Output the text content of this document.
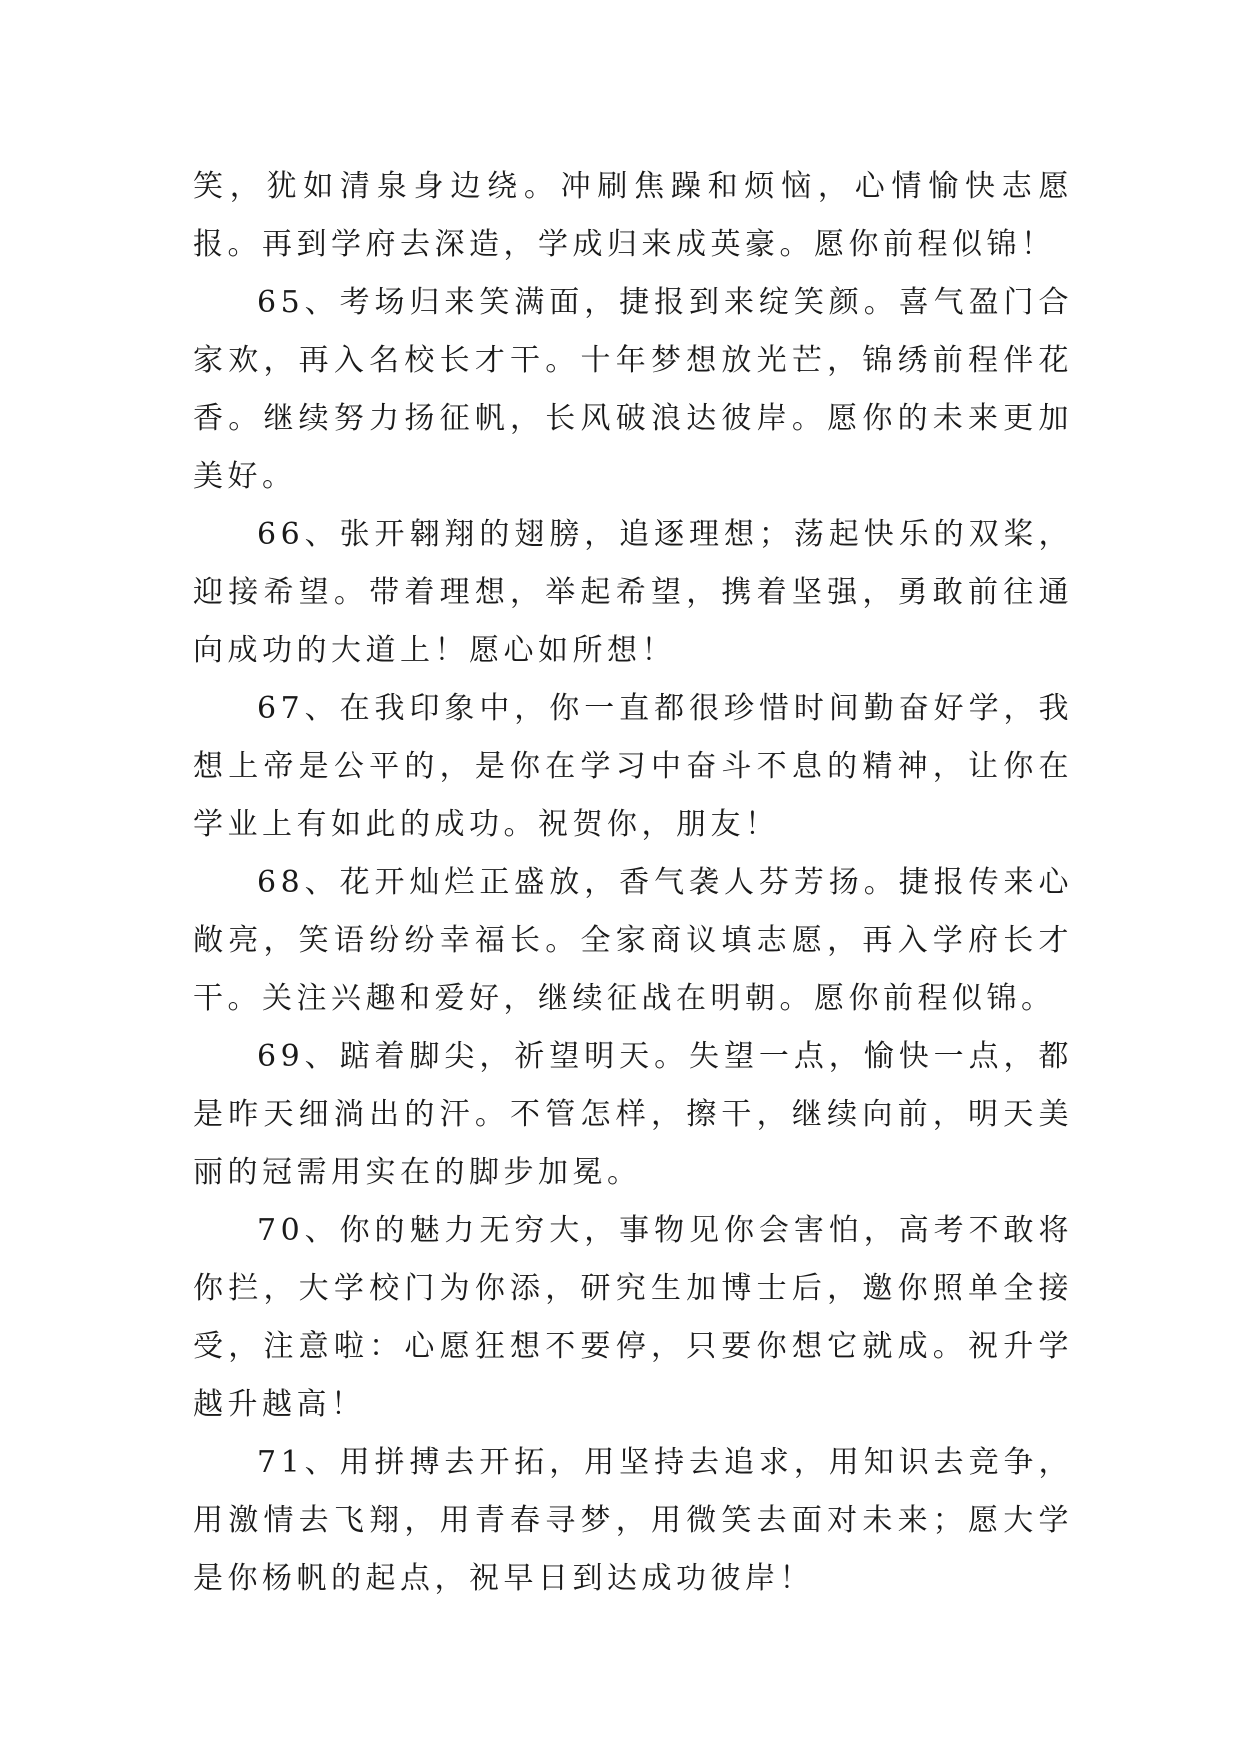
笑，犹如清泉身边绕。冲刷焦躁和烦恼，心情愉快志愿报。再到学府去深造，学成归来成英豪。愿你前程似锦！

65、考场归来笑满面，捷报到来绽笑颜。喜气盈门合家欢，再入名校长才干。十年梦想放光芒，锦绣前程伴花香。继续努力扬征帆，长风破浪达彼岸。愿你的未来更加美好。

66、张开翱翔的翅膀，追逐理想；荡起快乐的双桨，迎接希望。带着理想，举起希望，携着坚强，勇敢前往通向成功的大道上！愿心如所想！

67、在我印象中，你一直都很珍惜时间勤奋好学，我想上帝是公平的，是你在学习中奋斗不息的精神，让你在学业上有如此的成功。祝贺你，朋友！

68、花开灿烂正盛放，香气袭人芬芳扬。捷报传来心敞亮，笑语纷纷幸福长。全家商议填志愿，再入学府长才干。关注兴趣和爱好，继续征战在明朝。愿你前程似锦。

69、踮着脚尖，祈望明天。失望一点，愉快一点，都是昨天细淌出的汗。不管怎样，擦干，继续向前，明天美丽的冠需用实在的脚步加冕。

70、你的魅力无穷大，事物见你会害怕，高考不敢将你拦，大学校门为你添，研究生加博士后，邀你照单全接受，注意啦：心愿狂想不要停，只要你想它就成。祝升学越升越高！

71、用拼搏去开拓，用坚持去追求，用知识去竞争，用激情去飞翔，用青春寻梦，用微笑去面对未来；愿大学是你杨帆的起点，祝早日到达成功彼岸！
